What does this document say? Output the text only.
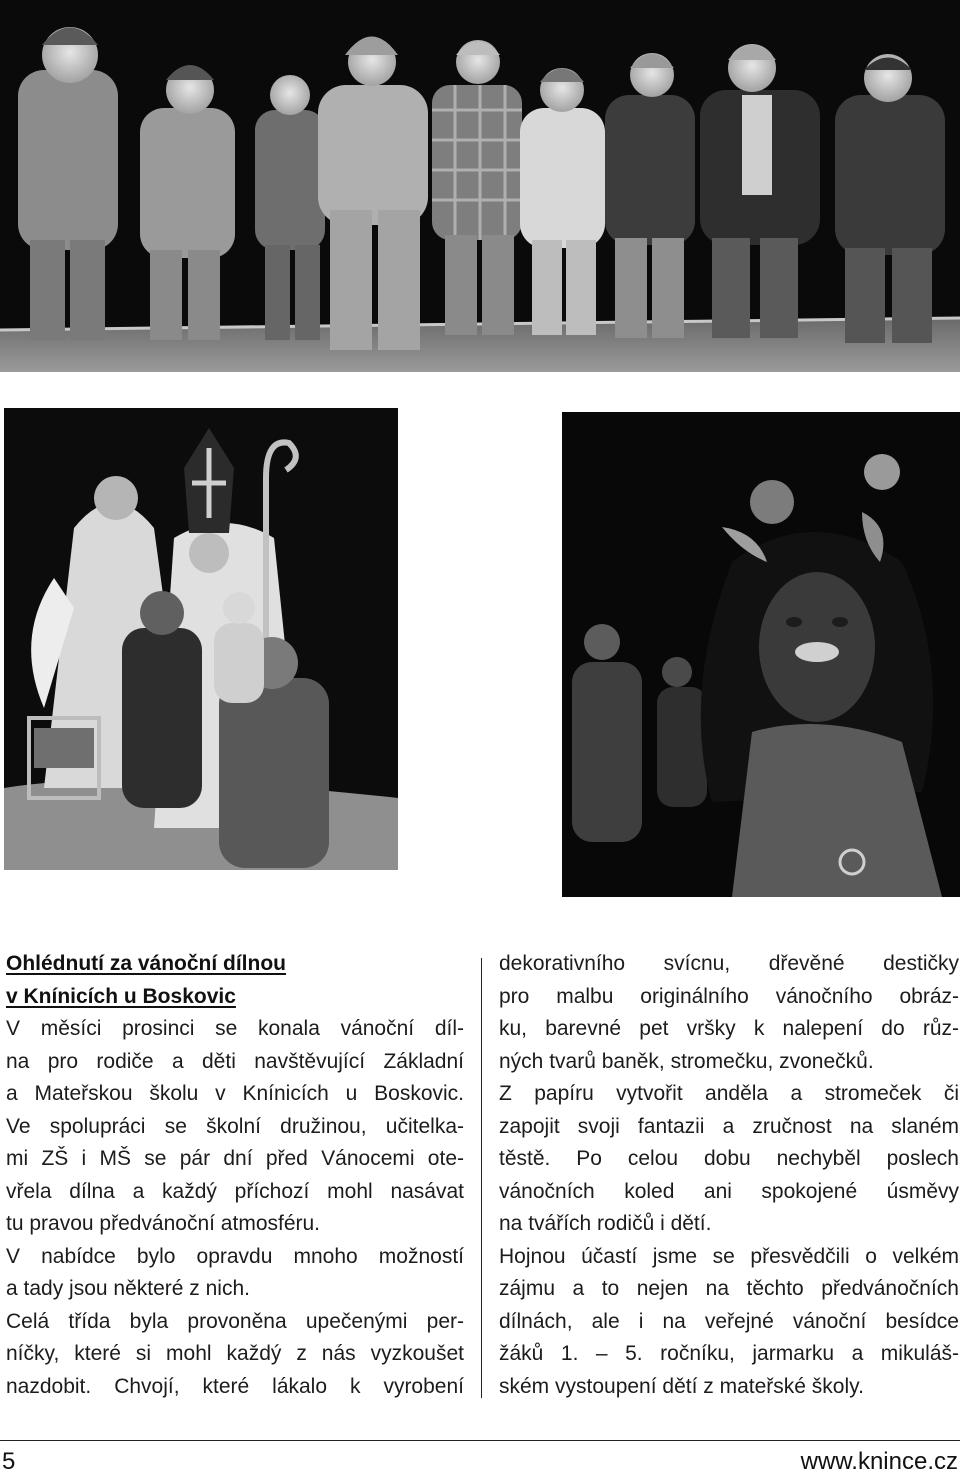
Ohlédnutí za vánoční dílnou
v Knínicích u Boskovic
V měsíci prosinci se konala vánoční díl-
na pro rodiče a děti navštěvující Základní
a Mateřskou školu v Knínicích u Boskovic.
Ve spolupráci se školní družinou, učitelka-
mi ZŠ i MŠ se pár dní před Vánocemi ote-
vřela dílna a každý příchozí mohl nasávat
tu pravou předvánoční atmosféru.
V nabídce bylo opravdu mnoho možností
a tady jsou některé z nich.
Celá třída byla provoněna upečenými per-
níčky, které si mohl každý z nás vyzkoušet
nazdobit. Chvojí, které lákalo k vyrobení

dekorativního svícnu, dřevěné destičky
pro malbu originálního vánočního obráz-
ku, barevné pet vršky k nalepení do růz-
ných tvarů baněk, stromečku, zvonečků.
Z papíru vytvořit anděla a stromeček či
zapojit svoji fantazii a zručnost na slaném
těstě. Po celou dobu nechyběl poslech
vánočních koled ani spokojené úsměvy
na tvářích rodičů i dětí.
Hojnou účastí jsme se přesvědčili o velkém
zájmu a to nejen na těchto předvánočních
dílnách, ale i na veřejné vánoční besídce
žáků 1. – 5. ročníku, jarmarku a mikuláš-
ském vystoupení dětí z mateřské školy.

5	www.knince.cz
